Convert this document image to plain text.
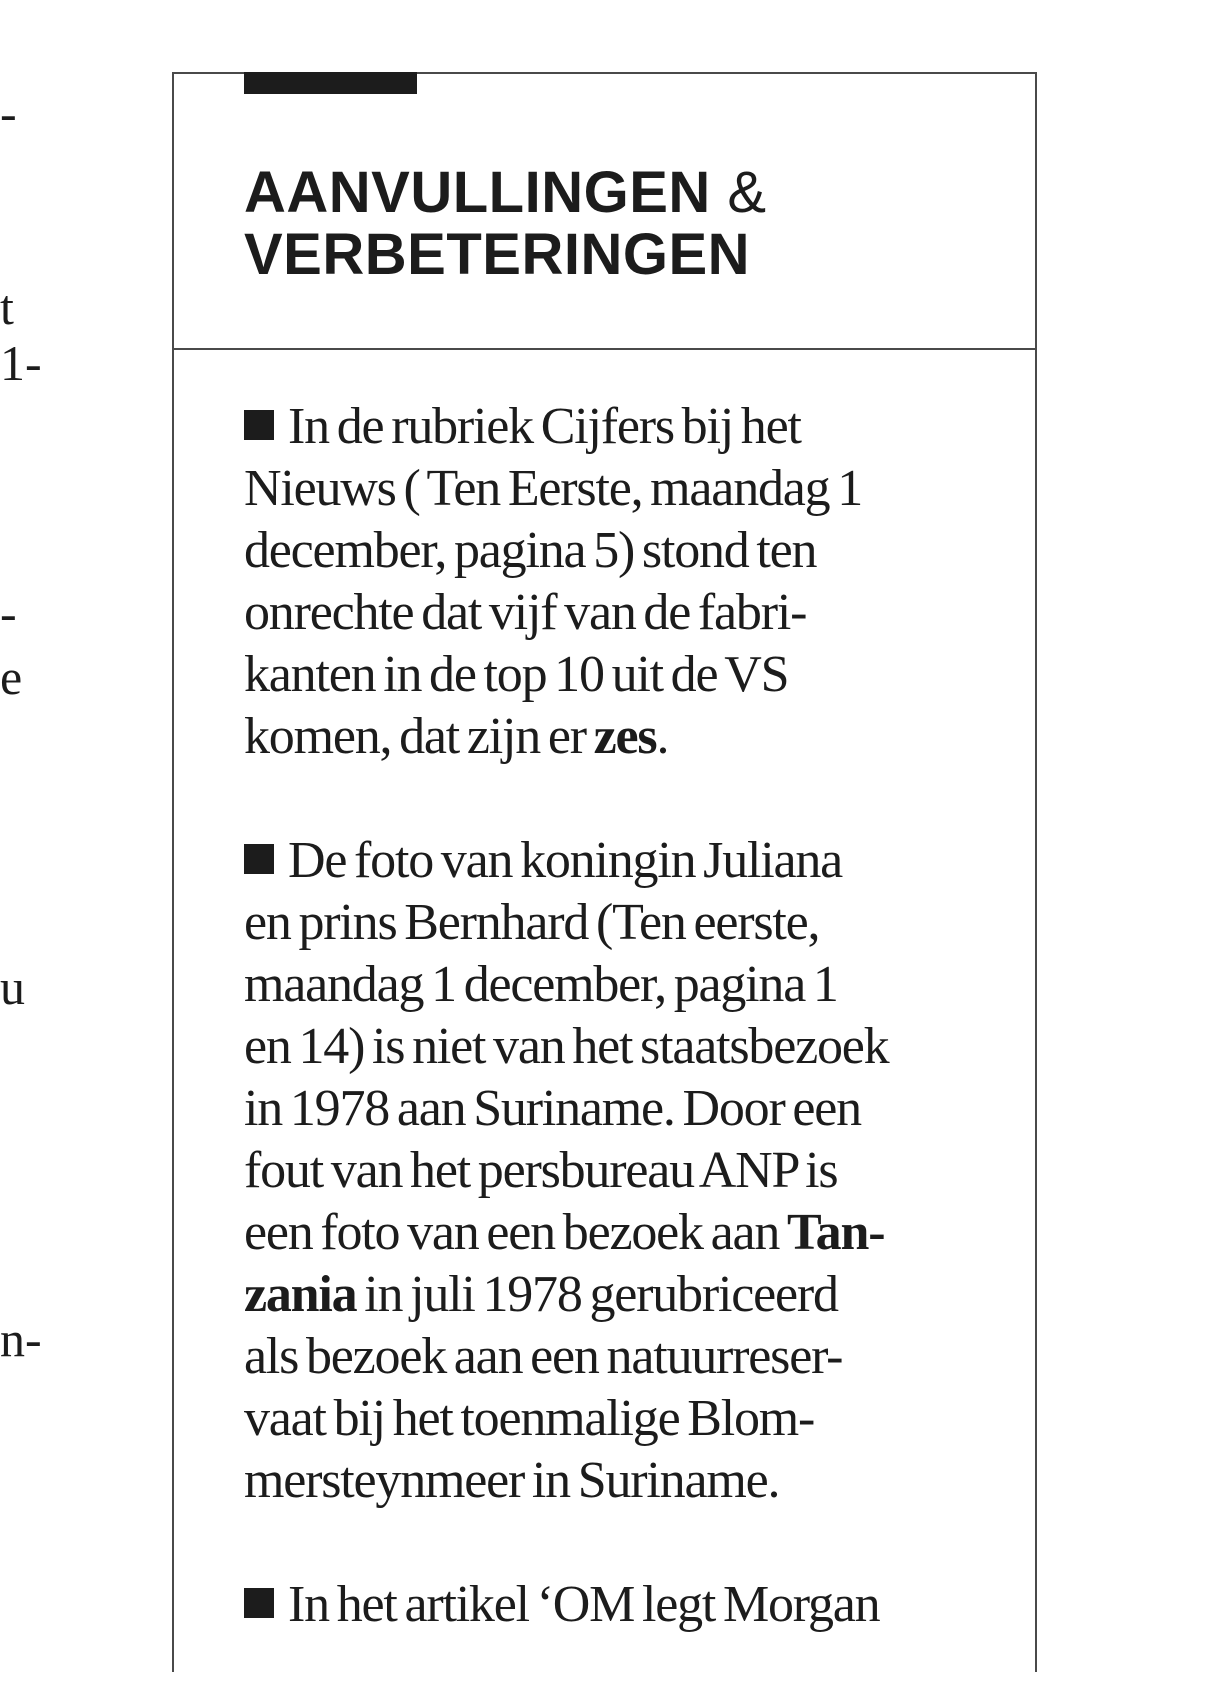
-
t
1-
-
e
u
n-
AANVULLINGEN &
VERBETERINGEN

In de rubriek Cijfers bij het
Nieuws ( Ten Eerste, maandag 1
december, pagina 5) stond ten
onrechte dat vijf van de fabri-
kanten in de top 10 uit de VS
komen, dat zijn er zes.

De foto van koningin Juliana
en prins Bernhard (Ten eerste,
maandag 1 december, pagina 1
en 14) is niet van het staatsbezoek
in 1978 aan Suriname. Door een
fout van het persbureau ANP is
een foto van een bezoek aan Tan-
zania in juli 1978 gerubriceerd
als bezoek aan een natuurreser-
vaat bij het toenmalige Blom-
mersteynmeer in Suriname.

In het artikel ‘OM legt Morgan
